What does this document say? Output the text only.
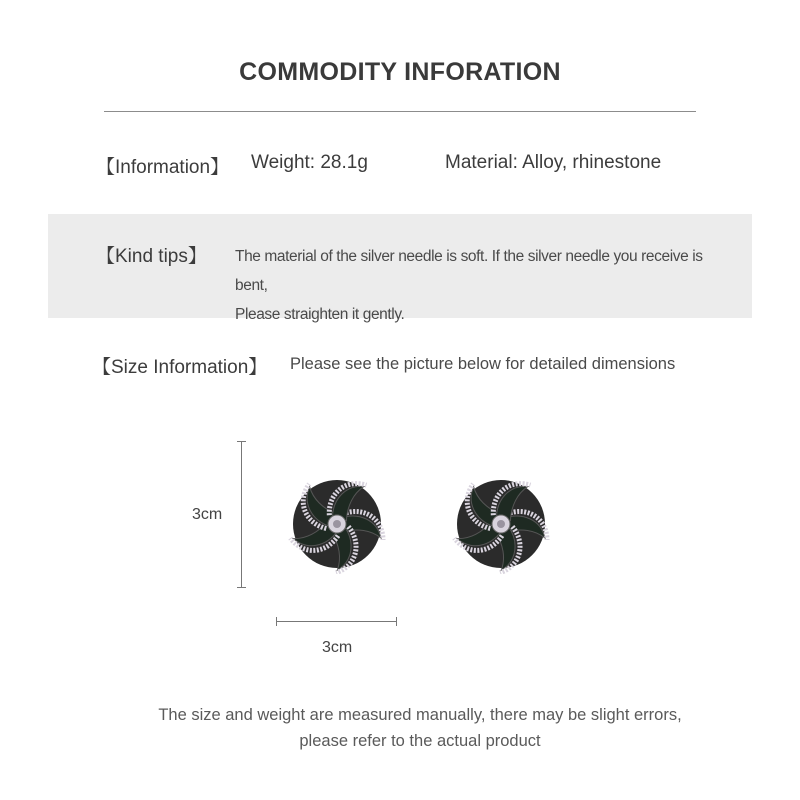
COMMODITY INFORATION
【Information】 Weight: 28.1g	Material: Alloy, rhinestone
【Kind tips】 The material of the silver needle is soft. If the silver needle you receive is bent,
Please straighten it gently.
【Size Information】 Please see the picture below for detailed dimensions
3cm
3cm
The size and weight are measured manually, there may be slight errors,
please refer to the actual product
